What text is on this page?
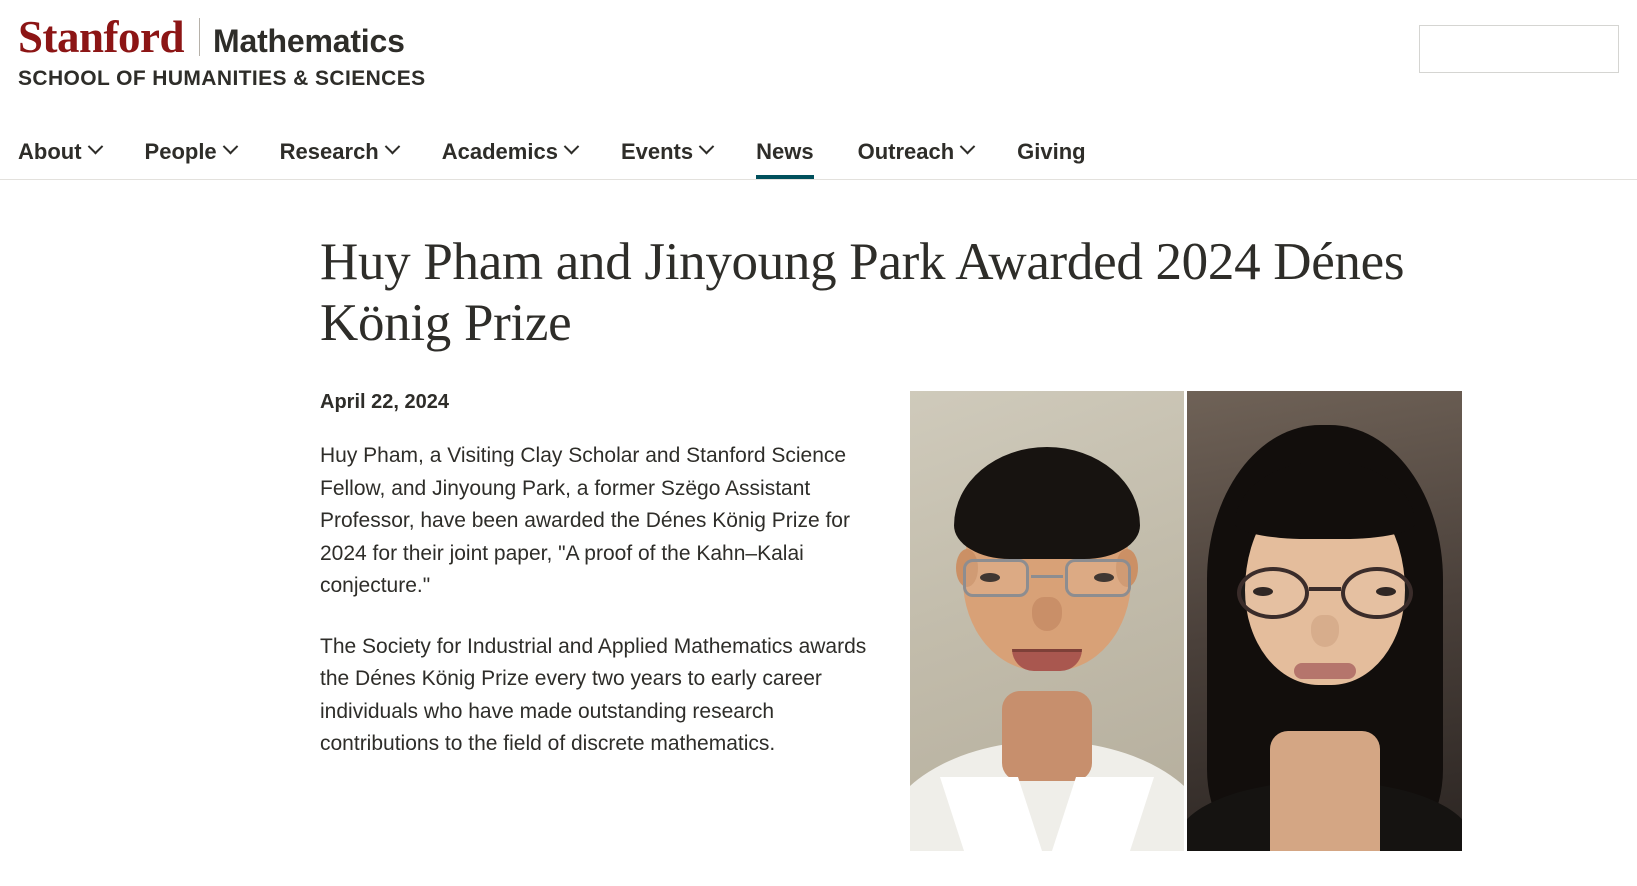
Stanford Mathematics
SCHOOL OF HUMANITIES & SCIENCES
About	People	Research	Academics	Events	News Outreach	Giving
Huy Pham and Jinyoung Park Awarded 2024 Dénes König Prize
April 22, 2024

Huy Pham, a Visiting Clay Scholar and Stanford Science Fellow, and Jinyoung Park, a former Szëgo Assistant Professor, have been awarded the Dénes König Prize for 2024 for their joint paper, "A proof of the Kahn–Kalai conjecture."

The Society for Industrial and Applied Mathematics awards the Dénes König Prize every two years to early career individuals who have made outstanding research contributions to the field of discrete mathematics.
